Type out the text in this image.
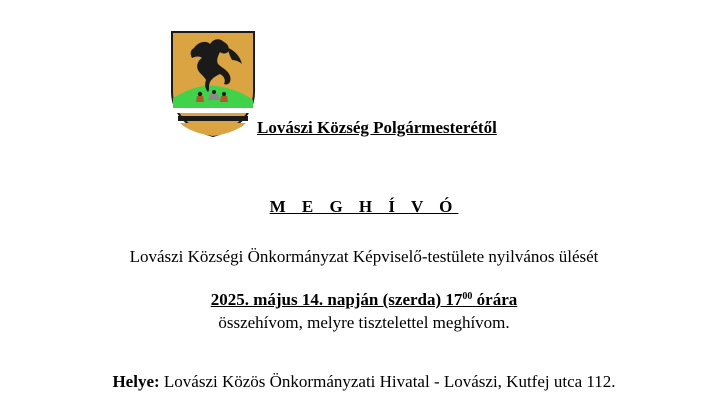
Lovászi Község Polgármesterétől
M E G H Í V Ó
Lovászi Községi Önkormányzat Képviselő-testülete nyilvános ülését
2025. május 14. napján (szerda) $17^{00}$ órára
összehívom, melyre tisztelettel meghívom.
Helye: Lovászi Közös Önkormányzati Hivatal - Lovászi, Kutfej utca 112.
